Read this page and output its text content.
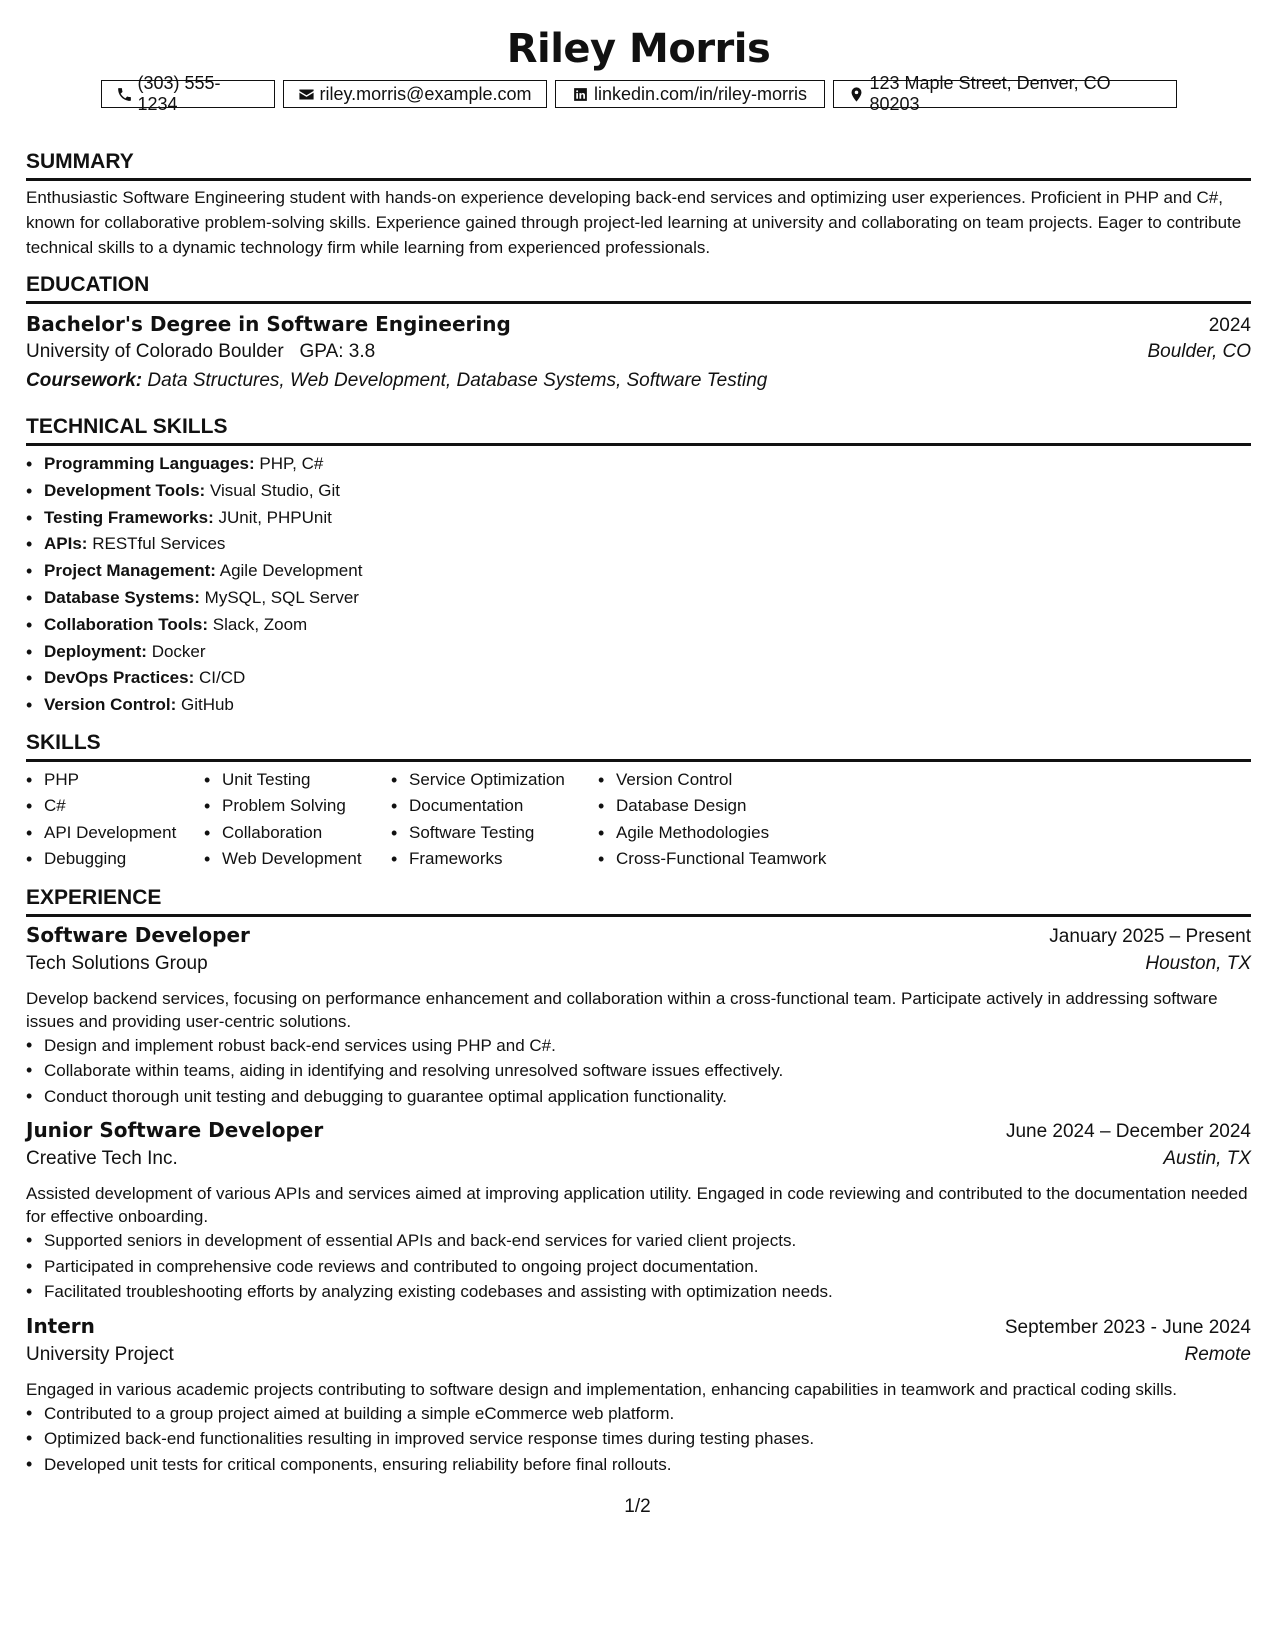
Riley Morris
(303) 555-1234
riley.morris@example.com	linkedin.com/in/riley-morris
123 Maple Street, Denver, CO 80203
SUMMARY
Enthusiastic Software Engineering student with hands-on experience developing back-end services and optimizing user experiences. Proficient in PHP and C#, known for collaborative problem-solving skills. Experience gained through project-led learning at university and collaborating on team projects. Eager to contribute technical skills to a dynamic technology firm while learning from experienced professionals.
EDUCATION
Bachelor's Degree in Software Engineering	2024
University of Colorado Boulder GPA: 3.8	Boulder, CO
Coursework: Data Structures, Web Development, Database Systems, Software Testing
TECHNICAL SKILLS
• Programming Languages: PHP, C#
• Development Tools: Visual Studio, Git
• Testing Frameworks: JUnit, PHPUnit
• APIs: RESTful Services
• Project Management: Agile Development
• Database Systems: MySQL, SQL Server
• Collaboration Tools: Slack, Zoom
• Deployment: Docker
• DevOps Practices: CI/CD
• Version Control: GitHub
SKILLS
• PHP
• C#
• API Development
• Debugging
• Unit Testing
• Problem Solving
• Collaboration
• Web Development
• Service Optimization
• Documentation
• Software Testing
• Frameworks
• Version Control
• Database Design
• Agile Methodologies
• Cross-Functional Teamwork
EXPERIENCE
Software Developer	January 2025 – Present
Tech Solutions Group	Houston, TX
Develop backend services, focusing on performance enhancement and collaboration within a cross-functional team. Participate actively in addressing software issues and providing user-centric solutions.
• Design and implement robust back-end services using PHP and C#.
• Collaborate within teams, aiding in identifying and resolving unresolved software issues effectively.
• Conduct thorough unit testing and debugging to guarantee optimal application functionality.
Junior Software Developer	June 2024 – December 2024
Creative Tech Inc.	Austin, TX
Assisted development of various APIs and services aimed at improving application utility. Engaged in code reviewing and contributed to the documentation needed for effective onboarding.
• Supported seniors in development of essential APIs and back-end services for varied client projects.
• Participated in comprehensive code reviews and contributed to ongoing project documentation.
• Facilitated troubleshooting efforts by analyzing existing codebases and assisting with optimization needs.
Intern	September 2023 - June 2024
University Project	Remote
Engaged in various academic projects contributing to software design and implementation, enhancing capabilities in teamwork and practical coding skills.
• Contributed to a group project aimed at building a simple eCommerce web platform.
• Optimized back-end functionalities resulting in improved service response times during testing phases.
• Developed unit tests for critical components, ensuring reliability before final rollouts.
1/2
